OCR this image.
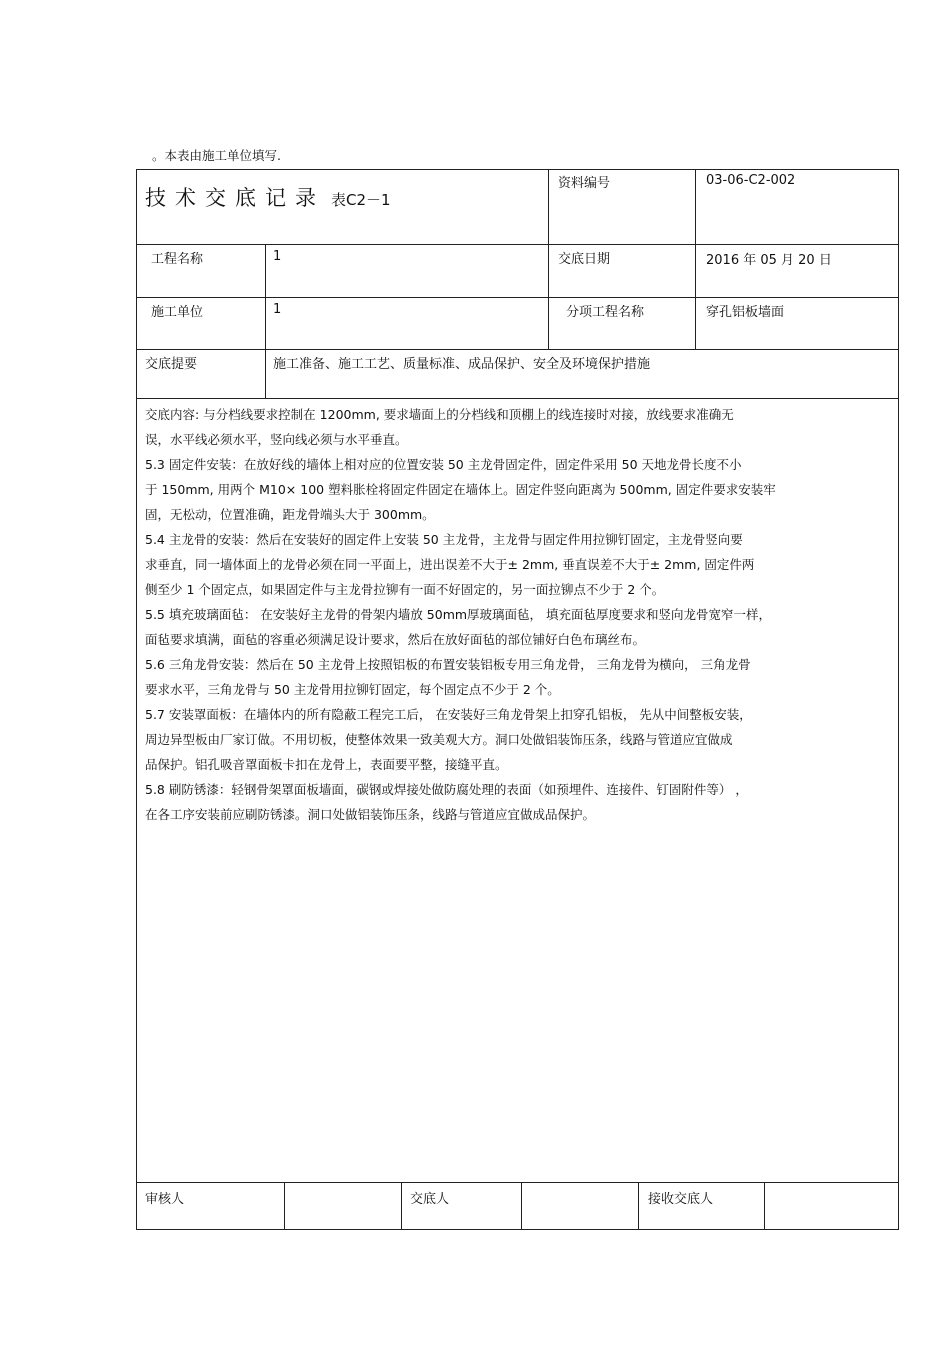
。本表由施工单位填写.
技术交底记录 表C2－1
资料编号	03-06-C2-002
工程名称	1	交底日期	2016 年 05 月 20 日
施工单位	1	分项工程名称	穿孔铝板墙面
交底提要	施工准备、施工工艺、质量标准、成品保护、安全及环境保护措施

交底内容: 与分档线要求控制在 1200mm, 要求墙面上的分档线和顶棚上的线连接时对接，放线要求准确无

误，水平线必须水平，竖向线必须与水平垂直。

5.3 固定件安装：在放好线的墙体上相对应的位置安装 50 主龙骨固定件，固定件采用 50 天地龙骨长度不小

于 150mm, 用两个 M10× 100 塑料胀栓将固定件固定在墙体上。固定件竖向距离为 500mm, 固定件要求安装牢

固，无松动，位置准确，距龙骨端头大于 300mm。

5.4 主龙骨的安装：然后在安装好的固定件上安装 50 主龙骨，主龙骨与固定件用拉铆钉固定，主龙骨竖向要

求垂直，同一墙体面上的龙骨必须在同一平面上，进出误差不大于± 2mm, 垂直误差不大于± 2mm, 固定件两

侧至少 1 个固定点，如果固定件与主龙骨拉铆有一面不好固定的，另一面拉铆点不少于 2 个。

5.5 填充玻璃面毡： 在安装好主龙骨的骨架内墙放 50mm厚玻璃面毡， 填充面毡厚度要求和竖向龙骨宽窄一样，

面毡要求填满，面毡的容重必须满足设计要求，然后在放好面毡的部位铺好白色布璃丝布。

5.6 三角龙骨安装：然后在 50 主龙骨上按照铝板的布置安装铝板专用三角龙骨， 三角龙骨为横向， 三角龙骨

要求水平，三角龙骨与 50 主龙骨用拉铆钉固定，每个固定点不少于 2 个。

5.7 安装罩面板：在墙体内的所有隐蔽工程完工后， 在安装好三角龙骨架上扣穿孔铝板， 先从中间整板安装，

周边异型板由厂家订做。不用切板，使整体效果一致美观大方。洞口处做铝装饰压条，线路与管道应宜做成

品保护。铝孔吸音罩面板卡扣在龙骨上，表面要平整，接缝平直。

5.8 刷防锈漆：轻钢骨架罩面板墙面，碳钢或焊接处做防腐处理的表面（如预埋件、连接件、钉固附件等） ，

在各工序安装前应刷防锈漆。洞口处做铝装饰压条，线路与管道应宜做成品保护。

审核人	交底人	接收交底人
